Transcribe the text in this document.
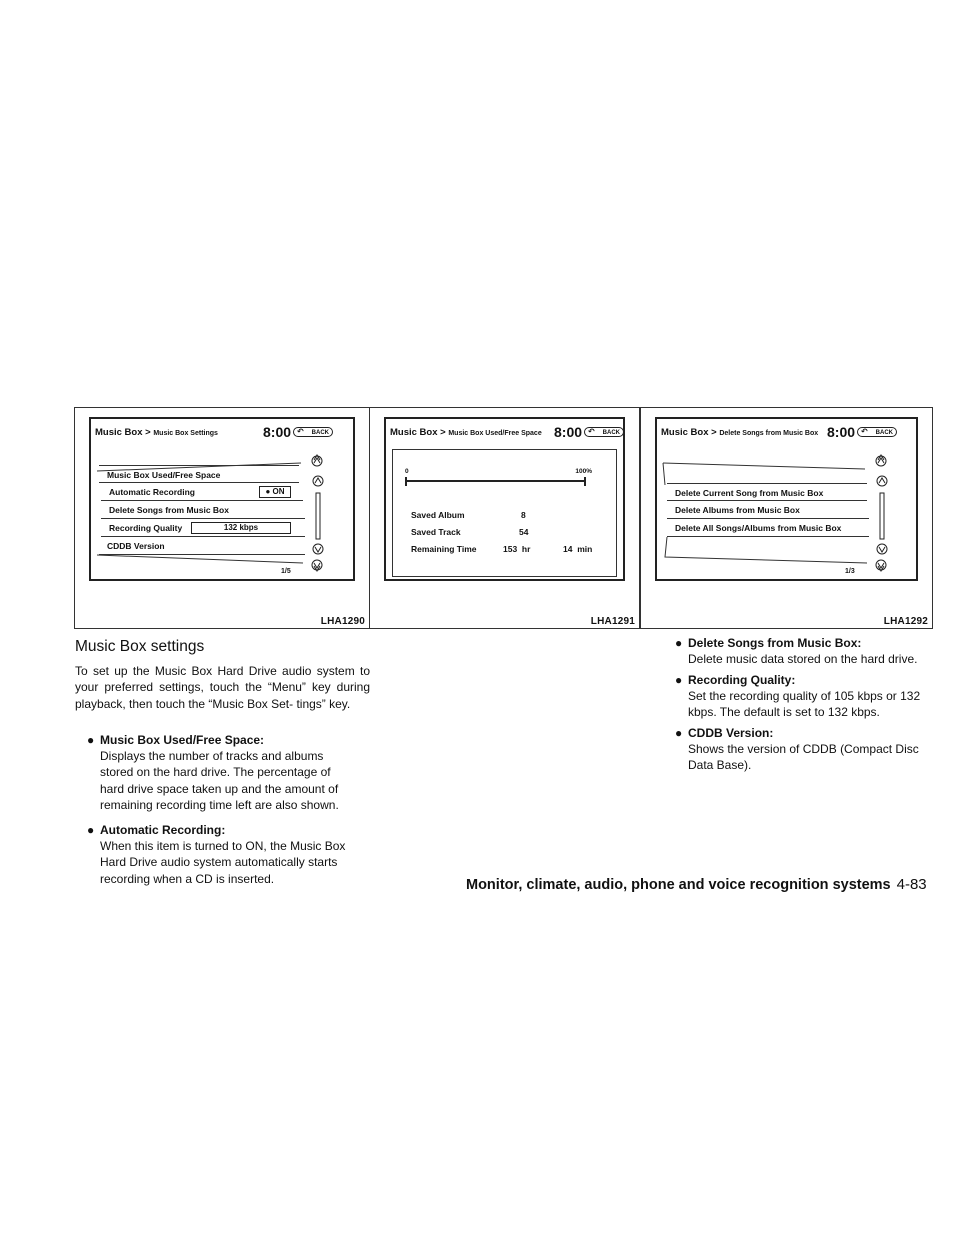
Music Box > Music Box Settings	8:00	↶ BACK
Music Box Used/Free Space
Automatic Recording	● ON
Delete Songs from Music Box
Recording Quality	132 kbps
CDDB Version
1/5
LHA1290
Music Box > Music Box Used/Free Space 8:00	↶ BACK
0	100%
Saved Album	8
Saved Track	54
Remaining Time	153 hr	14 min
LHA1291
Music Box > Delete Songs from Music Box 8:00	↶ BACK
Delete Current Song from Music Box
Delete Albums from Music Box
Delete All Songs/Albums from Music Box
1/3
LHA1292
Music Box settings

To set up the Music Box Hard Drive audio system to your preferred settings, touch the “Menu” key during playback, then touch the “Music Box Set- tings” key.

● Music Box Used/Free Space:
Displays the number of tracks and albums stored on the hard drive. The percentage of hard drive space taken up and the amount of remaining recording time left are also shown.
● Automatic Recording:
When this item is turned to ON, the Music Box Hard Drive audio system automatically starts recording when a CD is inserted.
● Delete Songs from Music Box:
Delete music data stored on the hard drive.
● Recording Quality:
Set the recording quality of 105 kbps or 132 kbps. The default is set to 132 kbps.
● CDDB Version:
Shows the version of CDDB (Compact Disc Data Base).
Monitor, climate, audio, phone and voice recognition systems 4-83
